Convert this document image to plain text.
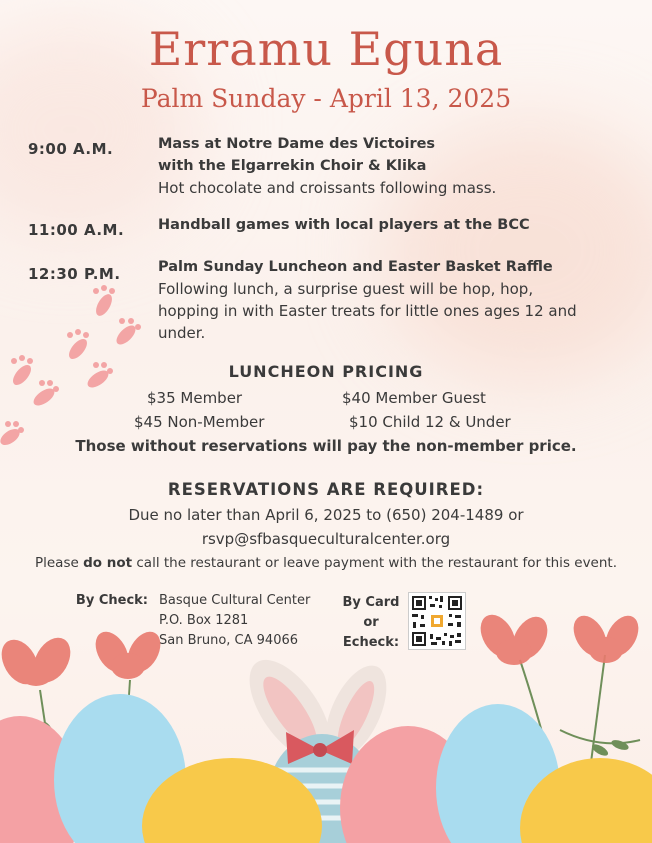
Erramu Eguna
Palm Sunday - April 13, 2025
9:00 A.M.	Mass at Notre Dame des Victoires
with the Elgarrekin Choir & Klika
Hot chocolate and croissants following mass.
11:00 A.M. Handball games with local players at the BCC
12:30 P.M.	Palm Sunday Luncheon and Easter Basket Raffle
Following lunch, a surprise guest will be hop, hop, hopping in with Easter treats for little ones ages 12 and under.
LUNCHEON PRICING
$35 Member	$40 Member Guest
$45 Non-Member	$10 Child 12 & Under
Those without reservations will pay the non-member price.
RESERVATIONS ARE REQUIRED:
Due no later than April 6, 2025 to (650) 204-1489 or
rsvp@sfbasqueculturalcenter.org
Please do not call the restaurant or leave payment with the restaurant for this event.
By Check: Basque Cultural Center
P.O. Box 1281
San Bruno, CA 94066
By Card
or
Echeck:
